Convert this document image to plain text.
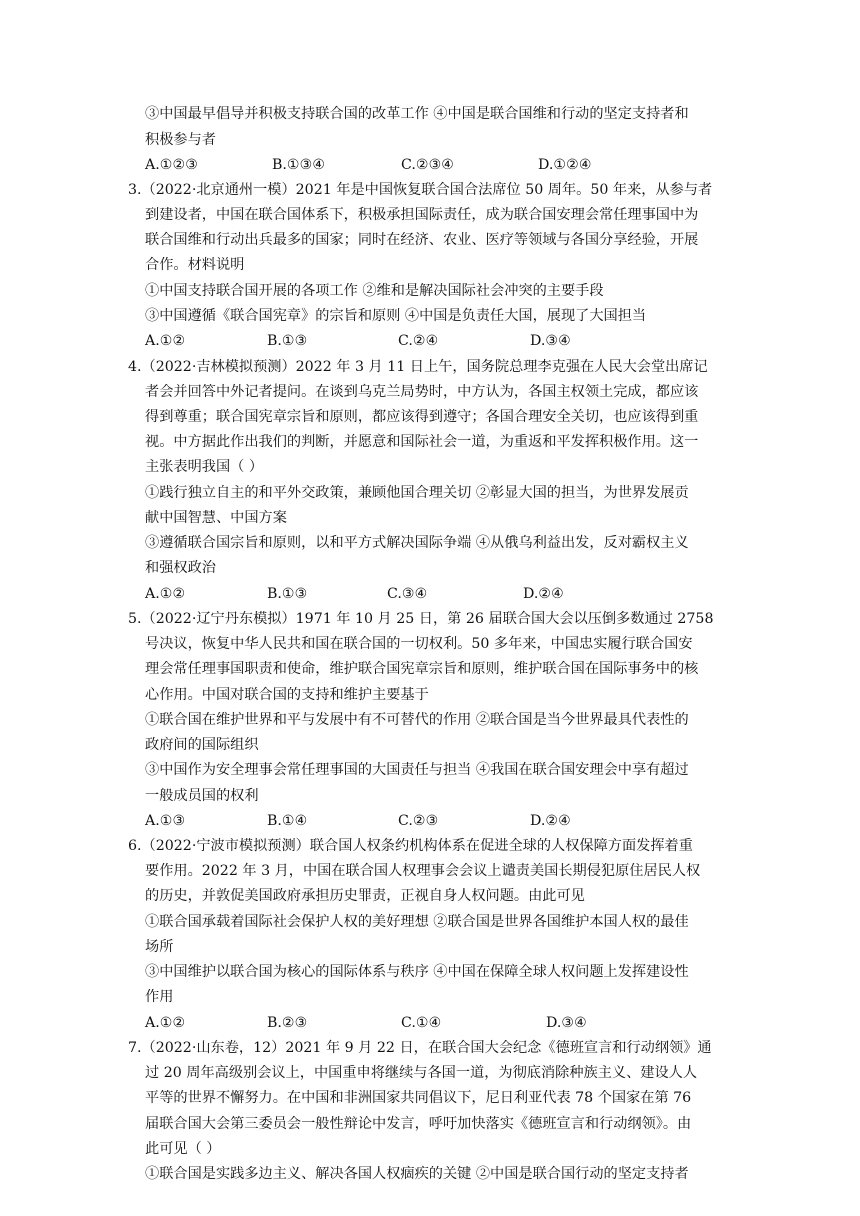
③中国最早倡导并积极支持联合国的改革工作 ④中国是联合国维和行动的坚定支持者和
积极参与者
A.①②③	B.①③④	C.②③④	D.①②④
3.（2022·北京通州一模）2021 年是中国恢复联合国合法席位 50 周年。50 年来，从参与者
到建设者，中国在联合国体系下，积极承担国际责任，成为联合国安理会常任理事国中为
联合国维和行动出兵最多的国家；同时在经济、农业、医疗等领域与各国分享经验，开展
合作。材料说明
①中国支持联合国开展的各项工作 ②维和是解决国际社会冲突的主要手段
③中国遵循《联合国宪章》的宗旨和原则 ④中国是负责任大国，展现了大国担当
A.①②	B.①③	C.②④	D.③④
4.（2022·吉林模拟预测）2022 年 3 月 11 日上午，国务院总理李克强在人民大会堂出席记
者会并回答中外记者提问。在谈到乌克兰局势时，中方认为，各国主权领土完成，都应该
得到尊重；联合国宪章宗旨和原则，都应该得到遵守；各国合理安全关切，也应该得到重
视。中方据此作出我们的判断，并愿意和国际社会一道，为重返和平发挥积极作用。这一
主张表明我国（ ）
①践行独立自主的和平外交政策，兼顾他国合理关切 ②彰显大国的担当，为世界发展贡
献中国智慧、中国方案
③遵循联合国宗旨和原则，以和平方式解决国际争端 ④从俄乌利益出发，反对霸权主义
和强权政治
A.①②	B.①③	C.③④	D.②④
5.（2022·辽宁丹东模拟）1971 年 10 月 25 日，第 26 届联合国大会以压倒多数通过 2758
号决议，恢复中华人民共和国在联合国的一切权利。50 多年来，中国忠实履行联合国安
理会常任理事国职责和使命，维护联合国宪章宗旨和原则，维护联合国在国际事务中的核
心作用。中国对联合国的支持和维护主要基于
①联合国在维护世界和平与发展中有不可替代的作用 ②联合国是当今世界最具代表性的
政府间的国际组织
③中国作为安全理事会常任理事国的大国责任与担当 ④我国在联合国安理会中享有超过
一般成员国的权利
A.①③	B.①④	C.②③	D.②④
6.（2022·宁波市模拟预测）联合国人权条约机构体系在促进全球的人权保障方面发挥着重
要作用。2022 年 3 月，中国在联合国人权理事会会议上谴责美国长期侵犯原住居民人权
的历史，并敦促美国政府承担历史罪责，正视自身人权问题。由此可见
①联合国承载着国际社会保护人权的美好理想 ②联合国是世界各国维护本国人权的最佳
场所
③中国维护以联合国为核心的国际体系与秩序 ④中国在保障全球人权问题上发挥建设性
作用
A.①②	B.②③	C.①④	D.③④
7.（2022·山东卷，12）2021 年 9 月 22 日，在联合国大会纪念《德班宣言和行动纲领》通
过 20 周年高级别会议上，中国重申将继续与各国一道，为彻底消除种族主义、建设人人
平等的世界不懈努力。在中国和非洲国家共同倡议下，尼日利亚代表 78 个国家在第 76
届联合国大会第三委员会一般性辩论中发言，呼吁加快落实《德班宣言和行动纲领》。由
此可见（ ）
①联合国是实践多边主义、解决各国人权痼疾的关键 ②中国是联合国行动的坚定支持者
